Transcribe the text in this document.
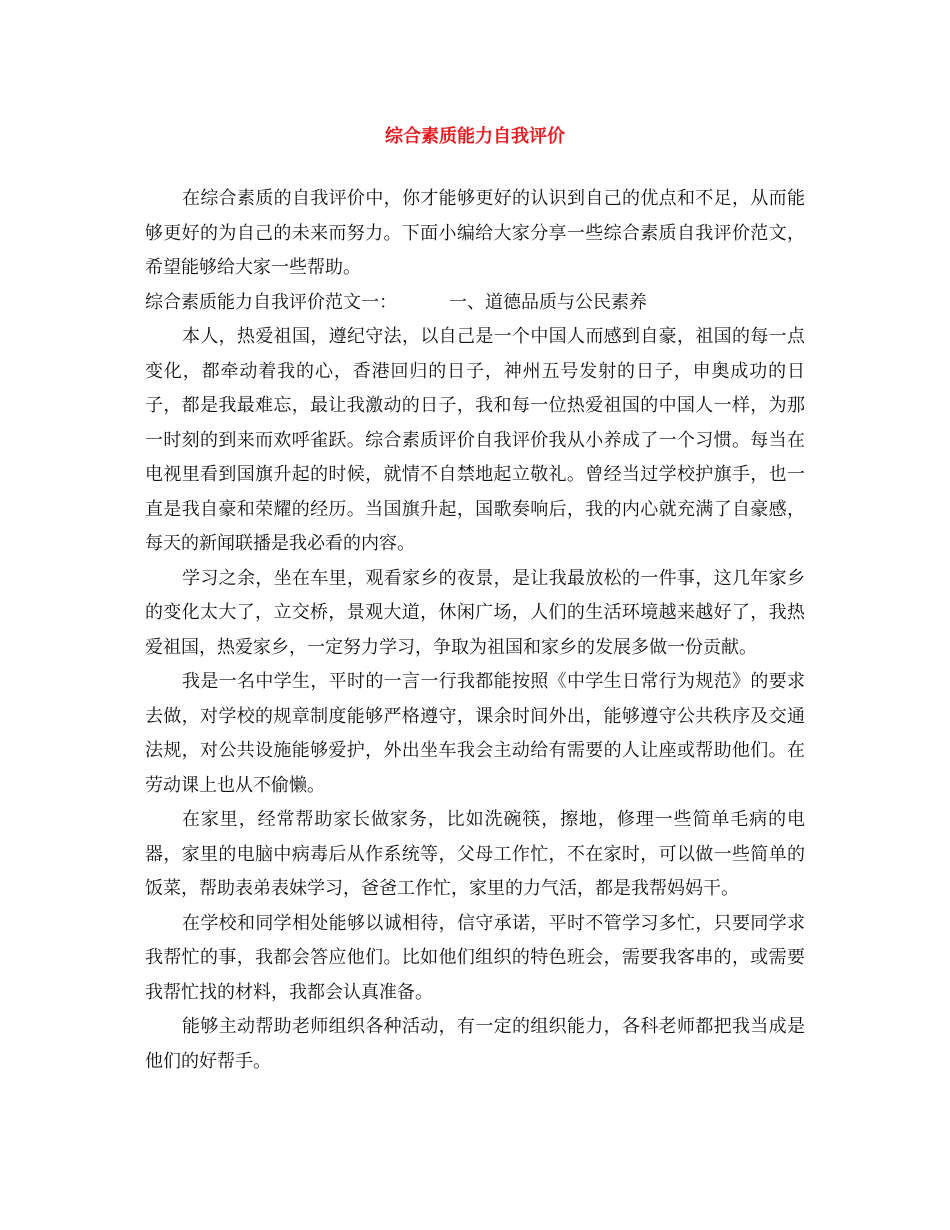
综合素质能力自我评价

在综合素质的自我评价中，你才能够更好的认识到自己的优点和不足，从而能够更好的为自己的未来而努力。下面小编给大家分享一些综合素质自我评价范文，希望能够给大家一些帮助。

综合素质能力自我评价范文一：	一、道德品质与公民素养

本人，热爱祖国，遵纪守法，以自己是一个中国人而感到自豪，祖国的每一点变化，都牵动着我的心，香港回归的日子，神州五号发射的日子，申奥成功的日子，都是我最难忘，最让我激动的日子，我和每一位热爱祖国的中国人一样，为那一时刻的到来而欢呼雀跃。综合素质评价自我评价我从小养成了一个习惯。每当在电视里看到国旗升起的时候，就情不自禁地起立敬礼。曾经当过学校护旗手，也一直是我自豪和荣耀的经历。当国旗升起，国歌奏响后，我的内心就充满了自豪感，每天的新闻联播是我必看的内容。

学习之余，坐在车里，观看家乡的夜景，是让我最放松的一件事，这几年家乡的变化太大了，立交桥，景观大道，休闲广场，人们的生活环境越来越好了，我热爱祖国，热爱家乡，一定努力学习，争取为祖国和家乡的发展多做一份贡献。

我是一名中学生，平时的一言一行我都能按照《中学生日常行为规范》的要求去做，对学校的规章制度能够严格遵守，课余时间外出，能够遵守公共秩序及交通法规，对公共设施能够爱护，外出坐车我会主动给有需要的人让座或帮助他们。在劳动课上也从不偷懒。

在家里，经常帮助家长做家务，比如洗碗筷，擦地，修理一些简单毛病的电器，家里的电脑中病毒后从作系统等，父母工作忙，不在家时，可以做一些简单的饭菜，帮助表弟表妹学习，爸爸工作忙，家里的力气活，都是我帮妈妈干。

在学校和同学相处能够以诚相待，信守承诺，平时不管学习多忙，只要同学求我帮忙的事，我都会答应他们。比如他们组织的特色班会，需要我客串的，或需要我帮忙找的材料，我都会认真准备。

能够主动帮助老师组织各种活动，有一定的组织能力，各科老师都把我当成是他们的好帮手。
